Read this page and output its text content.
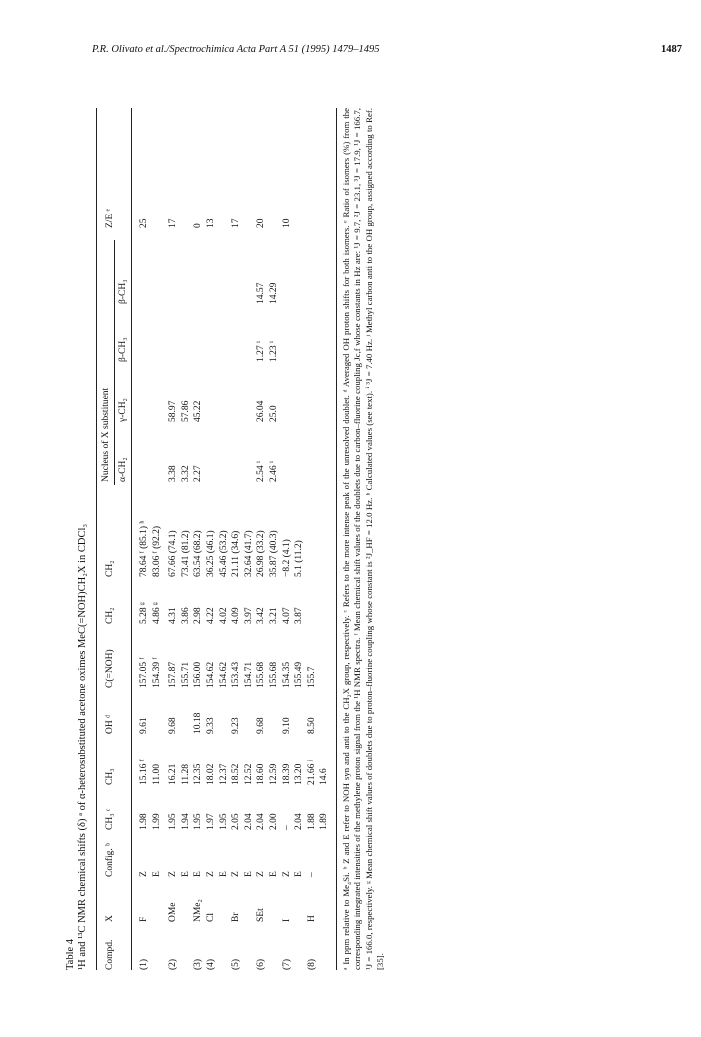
P.R. Olivato et al./Spectrochimica Acta Part A 51 (1995) 1479–1495	1487
Table 4 ¹H and ¹³C NMR chemical shifts (δ) ᵃ of α-heterosubstituted acetone oximes MeC(=NOH)CH₂X in CDCl₃	ᵃ In ppm relative to Me₄Si. ᵇ Z and E refer to NOH syn and anti to the CH₂X group, respectively. ᶜ Refers to the more intense peak of the unresolved doublet. ᵈ Averaged OH proton shifts for both isomers. ᵉ Ratio of isomers (%) from the corresponding integrated intensities of the methylene proton signal from the ¹H NMR spectra. ᶠ Mean chemical shift values of the doublets due to carbon–fluorine coupling Jc,f whose constants in Hz are: ¹J = 9.7, ²J = 23.1, ³J = 17.9, ¹J = 166.7, ¹J = 166.0, respectively. ᵍ Mean chemical shift values of doublets due to proton–fluorine coupling whose constant is ²J_HF = 12.0 Hz. ʰ Calculated values (see text). ⁱ ³J = 7.40 Hz. ʲ Methyl carbon anti to the OH group, assigned according to Ref. [35].
Compd.
X
Config. ᵇ
CH₃ ᶜ
CH₃
OH ᵈ
C(=NOH)
CH₂
CH₂
Z/E ᵉ
Nucleus of X substituent α-CH₂
γ-CH₂
β-CH₃
β-CH₃
(1)
F
Z
1.98
15.16 ᶠ
9.61
157.05 ᶠ
5.28 ᵍ
78.64 ᶠ (85.1) ʰ
25
E
1.99
11.00
154.39 ᶠ
4.86 ᵍ
83.06 ᶠ (92.2)
(2)
OMe
Z
1.95
16.21
9.68
157.87
4.31
67.66 (74.1)
3.38
58.97
17
E
1.94
11.28
155.71
3.86
73.41 (81.2)
3.32
57.86
(3)
NMe₂
E
1.95
12.35
10.18
156.00
2.98
63.54 (68.2)
2.27
45.22
0
(4)
Cl
Z
1.97
18.02
9.33
154.62
4.22
36.25 (46.1)
13
E
1.95
12.37
154.62
4.02
45.46 (53.2)
(5)
Br
Z
2.05
18.52
9.23
153.43
4.09
21.11 (34.6)
17
E
2.04
12.52
154.71
3.97
32.64 (41.7)
(6)
SEt
Z
2.04
18.60
9.68
155.68
3.42
26.98 (33.2)
2.54 ⁱ
26.04
1.27 ⁱ
14.57
20
E
2.00
12.59
155.68
3.21
35.87 (40.3)
2.46 ⁱ
25.0
1.23 ⁱ
14.29
(7)
I
Z
–
18.39
9.10
154.35
4.07
−8.2 (4.1)
10
E
2.04
13.20
155.49
3.87
5.1 (11.2)
(8)
H
–
1.88
21.66 ʲ
8.50
155.7
1.89
14.6
